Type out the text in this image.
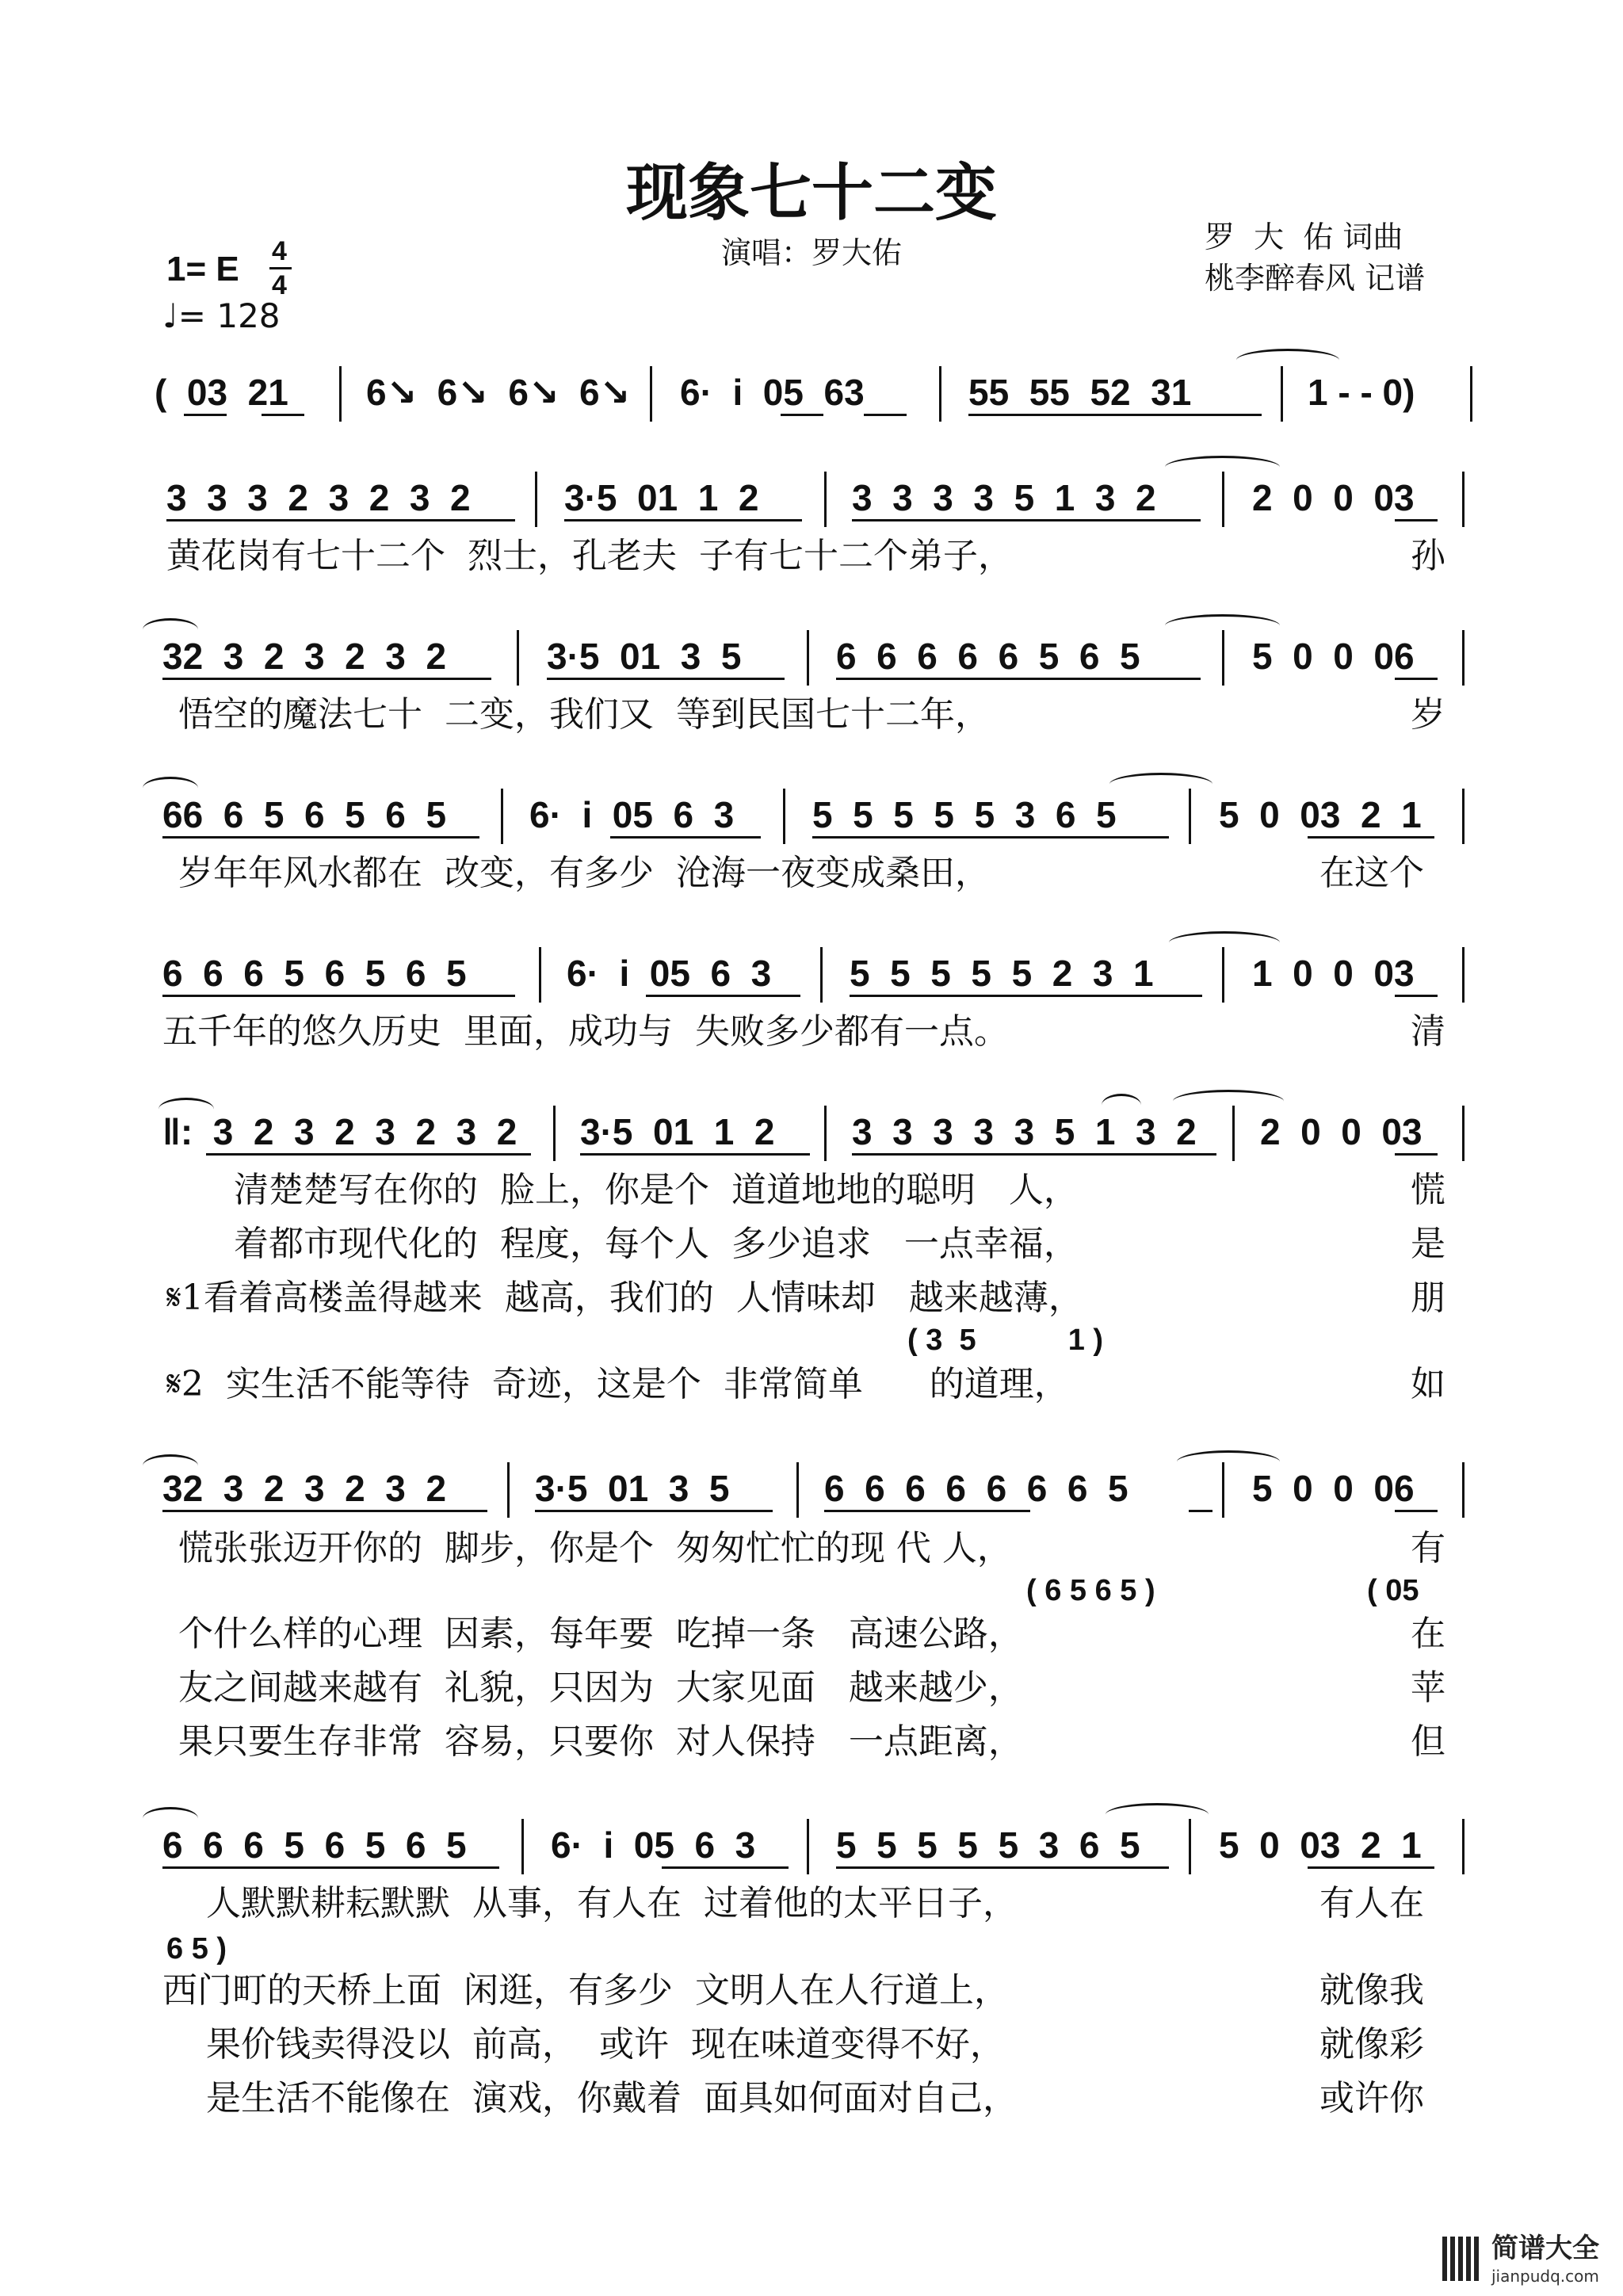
现象七十二变
演唱：罗大佑	罗  大  佑 词曲
桃李醉春风 记谱
1= E 4
4
♩= 128
(  03  21 6↘  6↘  6↘  6↘ 6·  i  05  63	55  55  52  31	1 - - 0)
3  3  3  2  3  2  3  2	3·5  01  1  2	3  3  3  3  5  1  3  2	2  0  0  03
黄花岗有七十二个  烈士，孔老夫  子有七十二个弟子，	孙
32  3  2  3  2  3  2	3·5  01  3  5	6  6  6  6  6  5  6  5	5  0  0  06
悟空的魔法七十  二变，我们又  等到民国七十二年，	岁
66  6  5  6  5  6  5 6·  i  05  6  3 5  5  5  5  5  3  6  5	5  0  03  2  1
岁年年风水都在  改变，有多少  沧海一夜变成桑田，	在这个
6  6  6  5  6  5  6  5	6·  i  05  6  3 5  5  5  5  5  2  3  1	1  0  0  03
五千年的悠久历史  里面，成功与  失败多少都有一点。	清
‖:  3  2  3  2  3  2  3  2 3·5  01  1  2 3  3  3  3  3  5  1  3  2 2  0  0  03
清楚楚写在你的  脸上，你是个  道道地地的聪明   人，	慌
着都市现代化的  程度，每个人  多少追求   一点幸福，	是
𝄋1看着高楼盖得越来  越高，我们的  人情味却   越来越薄，	朋
( 3  5           1 )
𝄋2  实生活不能等待  奇迹，这是个  非常简单      的道理，	如
32  3  2  3  2  3  2 3·5  01  3  5	6  6  6  6  6  6  6  5	5  0  0  06
慌张张迈开你的  脚步，你是个  匆匆忙忙的现 代 人，	有
( 6 5 6 5 )	( 05
个什么样的心理  因素，每年要  吃掉一条   高速公路，	在
友之间越来越有  礼貌，只因为  大家见面   越来越少，	苹
果只要生存非常  容易，只要你  对人保持   一点距离，	但
6  6  6  5  6  5  6  5 6·  i  05  6  3 5  5  5  5  5  3  6  5 5  0  03  2  1
人默默耕耘默默  从事，有人在  过着他的太平日子，	有人在
6 5 )
西门町的天桥上面  闲逛，有多少  文明人在人行道上，	就像我
果价钱卖得没以  前高，  或许  现在味道变得不好，	就像彩
是生活不能像在  演戏，你戴着  面具如何面对自己，	或许你
简谱大全
jianpudq.com
